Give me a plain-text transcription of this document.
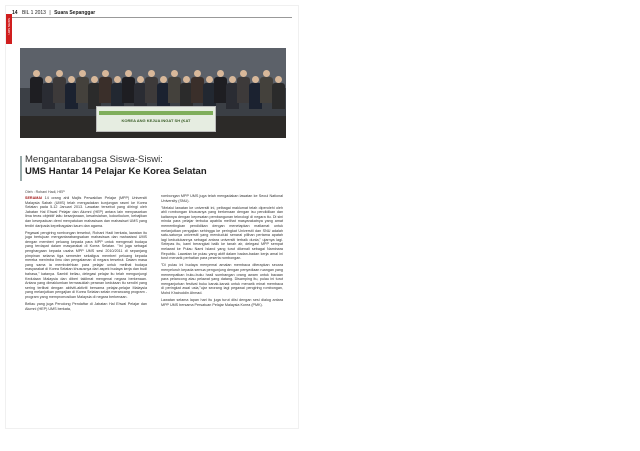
UMS NEWS
14 BIL 1 2013 | Suara Sepanggar
KOREA ANG KEJUA INGAT SH (KAT
Mengantarabangsa Siswa-Siswi:
UMS Hantar 14 Pelajar Ke Korea Selatan
Oleh : Rohani Hadi, HEP

SERAMAI 14 orang ahli Majlis Perwakilan Pelajar (MPP) Universiti Malaysia Sabah (UMS) telah mengadakan kunjungan rasmi ke Korea Selatan pada 5-12 Januari 2013. Lawatan tersebut yang diiringi oleh Jabatan Hal Ehwal Pelajar dan Alumni (HEP) antara lain menyasarkan lima teras objektif iaitu kesarjanaan, kesahsiahan, kokurikulum, kebajikan dan kesepaduan demi menyatukan mahasiswa dan mahasiswi UMS yang terdiri daripada kepelbagaian kaum dan agama.

Pegawai pengiring rombongan tersebut, Rohani Hadi berkata, lawatan itu juga bertujuan mengantarabangsakan mahasiswa dan mahasiswi UMS dengan memberi peluang kepada para MPP untuk mengenali budaya yang terdapat dalam masyarakat di Korea Selatan. "Ini juga sebagai penghargaan kepada usaha MPP UMS sesi 2010/2011 di sepanjang pimpinan selama tiga semester sekaligus memberi peluang kepada mereka menimba ilmu dan pengalaman di negara tersebut. Dalam masa yang sama ia membolehkan para pelajar untuk melihat budaya masyarakat di Korea Selatan khususnya dari aspek budaya kerja dan budi bahasa," katanya. Sambil beliau, delegasi pelajar itu telah mengunjungi Kedutaan Malaysia dan diberi taklimat mengenai negara berkenaan. Antara yang dimaklumkan termasuklah peranan kedutaan itu sendiri yang sering terlibat dengan aktiviti-aktiviti bersama pelajar-pelajar Malaysia yang melanjutkan pengajian di Korea Selatan selain merancang program - program yang mempromosikan Malaysia di negara berkenaan.

Beliau yang juga Penolong Pendaftar di Jabatan Hal Ehwal Pelajar dan Alumni (HEP) UMS berkata,

rombongan MPP UMS juga telah mengadakan lawatan ke Seoul National University (SNU).

"Melalui lawatan ke universiti ini, pelbagai maklumat telah diperolehi oleh ahli rombongan khususnya yang berkenaan dengan isu pendidikan dan kaitannya dengan kepesatan pembangunan teknologi di negara itu. Di sini minda para pelajar terbuka apabila melihat masyarakatnya yang amat mementingkan pendidikan dengan menetapkan matlamat untuk melanjutkan pengajian sehingga ke peringkat Universiti dan SNU adalah satu-satunya universiti yang menduduki senarai pilihan pertama apatah lagi kedudukannya sebagai antara universiti terbaik dunia," ujarnya lagi. Selepas itu, kami berangkat balik ke tanah air, delegasi MPP sempat melawat ke Pulau Nami Island yang turut dikenali sebagai Naminara Republic. Lawatan ke pulau yang aktif dalam badan-badan kerja amal ini turut menarik perhatian para peserta rombongan.

"Di pulau ini budaya menyemai amalan membaca diterapkan secara menyeluruh kepada semua pengunjung dengan penyediaan ruangan yang menempatkan buku-buku hasil sumbangan orang awam untuk bacaan para pelancong atau pelawat yang datang. Disamping itu, pulau ini turut menganjurkan festival buku kanak-kanak untuk menarik minat membaca di peringkat awal usia,"ujar seorang lagi pegawai pengiring rombongan, Mohd Khairuddin Ahmad.

Lawatan selama lapan hari itu juga turut diisi dengan sesi dialog antara MPP UMS bersama Persatuan Pelajar Malaysia Korea (PMK).
